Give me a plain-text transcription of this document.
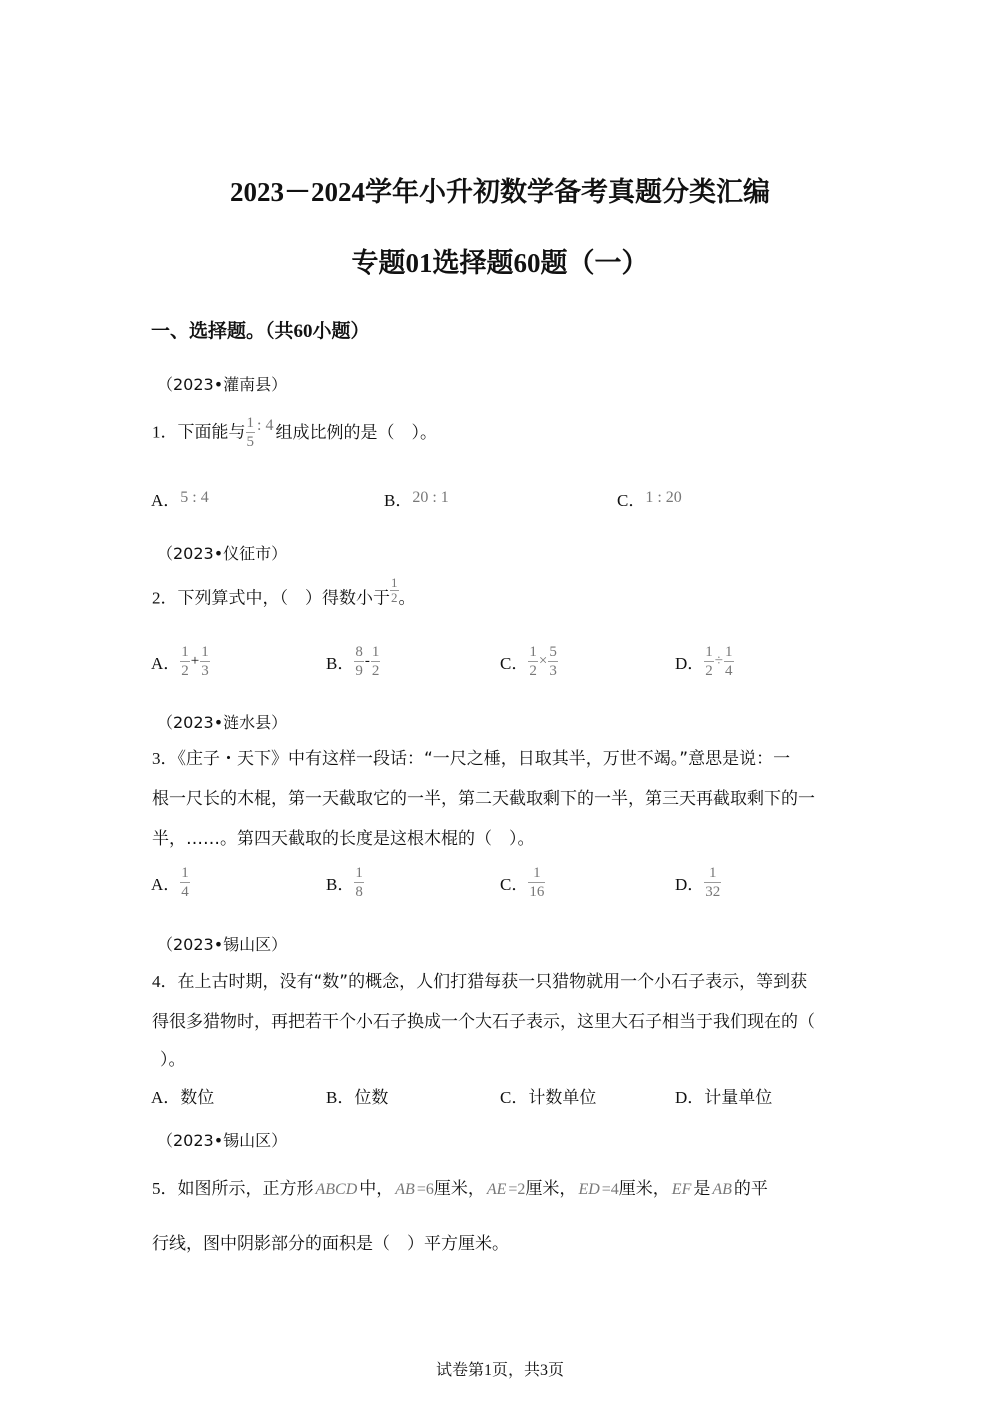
2023－2024学年小升初数学备考真题分类汇编
专题01选择题60题（一）
一、选择题。（共60小题）
（2023•灌南县）
1．下面能与 $\frac{1}{5}$ : 4 组成比例的是（　）。
A．5 : 4	B．20 : 1	C．1 : 20
（2023•仪征市）
2．下列算式中，（　）得数小于 $\frac{1}{2}$ 。
A． $\frac{1}{2} + \frac{1}{3}$	B． $\frac{8}{9} - \frac{1}{2}$	C． $\frac{1}{2} \times \frac{5}{3}$	D． $\frac{1}{2} \div \frac{1}{4}$
（2023•涟水县）
3．《庄子・天下》中有这样一段话：“一尺之棰，日取其半，万世不竭。”意思是说：一
根一尺长的木棍，第一天截取它的一半，第二天截取剩下的一半，第三天再截取剩下的一
半，……。第四天截取的长度是这根木棍的（　）。
A． $\frac{1}{4}$	B． $\frac{1}{8}$	C． $\frac{1}{16}$	D． $\frac{1}{32}$
（2023•锡山区）
4．在上古时期，没有“数”的概念，人们打猎每获一只猎物就用一个小石子表示，等到获
得很多猎物时，再把若干个小石子换成一个大石子表示，这里大石子相当于我们现在的（
）。
A．数位	B．位数	C．计数单位	D．计量单位
（2023•锡山区）
5．如图所示，正方形 ABCD 中， AB =6厘米， AE =2厘米， ED =4厘米， EF 是 AB 的平
行线，图中阴影部分的面积是（　）平方厘米。
试卷第1页，共3页
